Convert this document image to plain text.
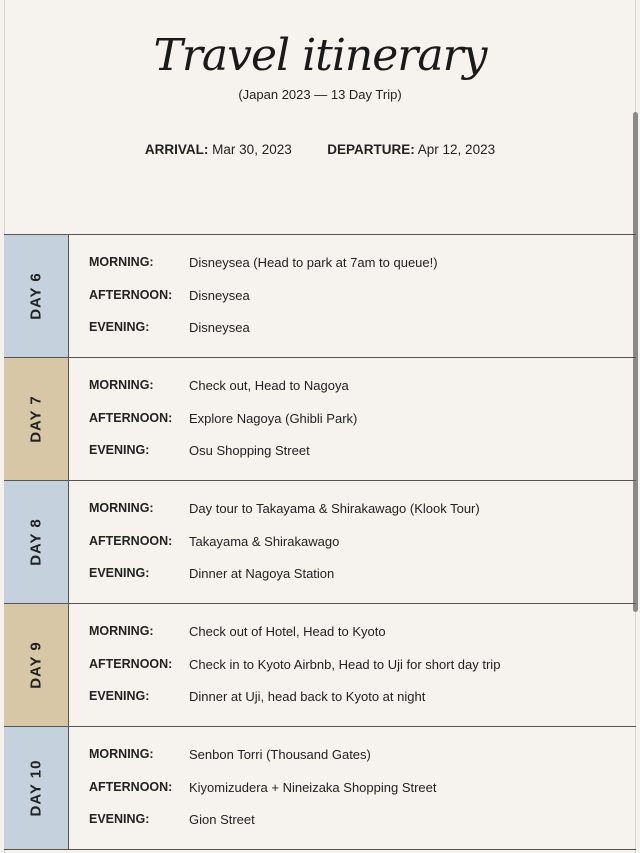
Travel itinerary
(Japan 2023 — 13 Day Trip)
ARRIVAL: Mar 30, 2023	DEPARTURE: Apr 12, 2023
DAY 6
MORNING:	Disneysea (Head to park at 7am to queue!)
AFTERNOON:	Disneysea
EVENING:	Disneysea
DAY 7
MORNING:	Check out, Head to Nagoya
AFTERNOON:	Explore Nagoya (Ghibli Park)
EVENING:	Osu Shopping Street
DAY 8
MORNING:	Day tour to Takayama & Shirakawago (Klook Tour)
AFTERNOON:	Takayama & Shirakawago
EVENING:	Dinner at Nagoya Station
DAY 9
MORNING:	Check out of Hotel, Head to Kyoto
AFTERNOON:	Check in to Kyoto Airbnb, Head to Uji for short day trip
EVENING:	Dinner at Uji, head back to Kyoto at night
DAY 10
MORNING:	Senbon Torri (Thousand Gates)
AFTERNOON:	Kiyomizudera + Nineizaka Shopping Street
EVENING:	Gion Street
